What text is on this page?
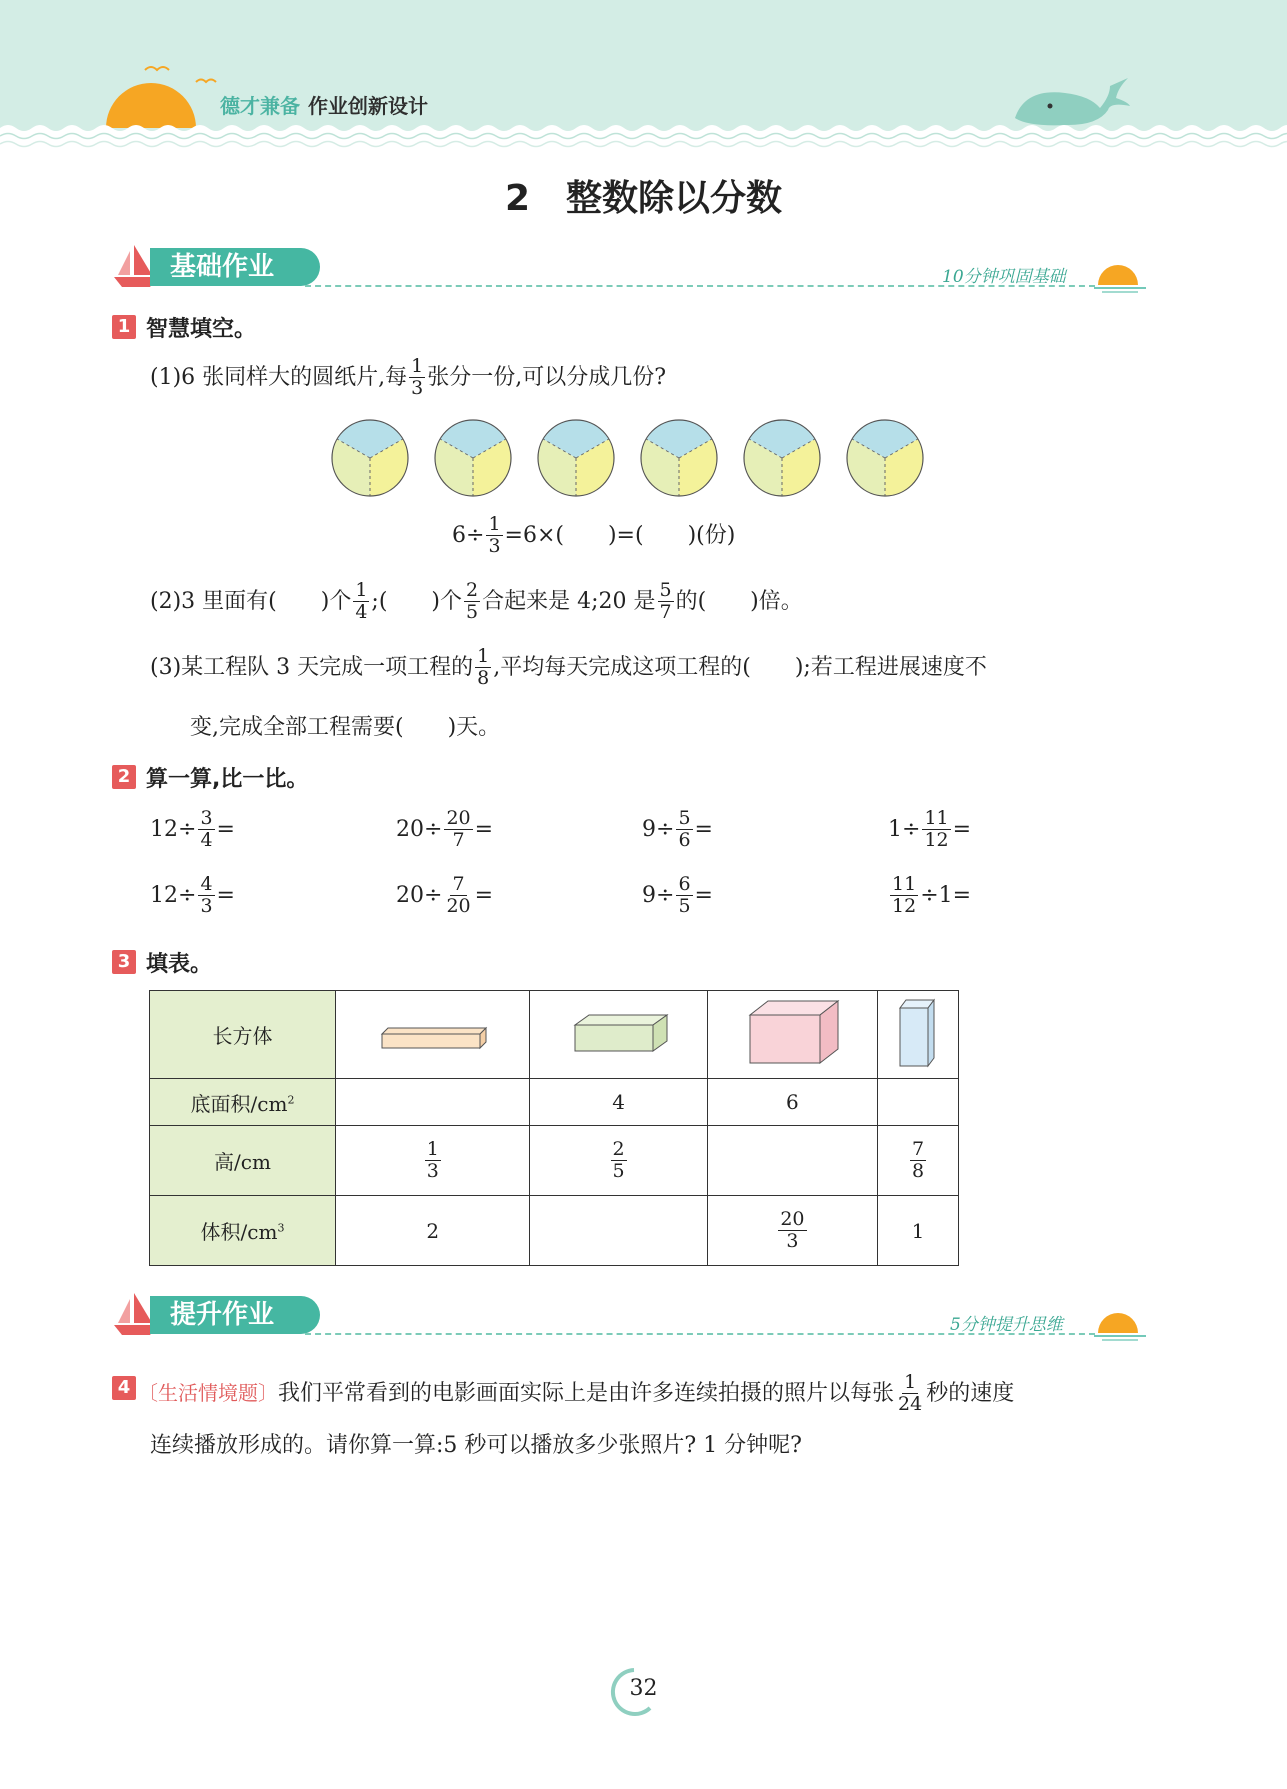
德才兼备 作业创新设计
2　整数除以分数
基础作业	10分钟巩固基础
1 智慧填空。
(1)6 张同样大的圆纸片,每 $\frac{1}{3}$ 张分一份,可以分成几份?
$6\div \frac{1}{3} =6\times$(　　)=(　　)(份)
(2)3 里面有(　　)个 $\frac{1}{4}$ ;(　　)个 $\frac{2}{5}$ 合起来是 4;20 是 $\frac{5}{7}$ 的(　　)倍。
(3)某工程队 3 天完成一项工程的 $\frac{1}{8}$ ,平均每天完成这项工程的(　　);若工程进展速度不
变,完成全部工程需要(　　)天。
2 算一算,比一比。
$12\div \frac{3}{4}$ =	$20\div \frac{20}{7}$ =	$9\div \frac{5}{6}$ =	$1\div \frac{11}{12}$ =
$12\div \frac{4}{3}$ =	$20\div \frac{7}{20}$ =	$9\div \frac{6}{5}$ =	$\frac{11}{12} \div 1=$
3 填表。
长方体				
底面积$/cm^2$		4	6	
高/cm	$\frac{1}{3}$	$\frac{2}{5}$		$\frac{7}{8}$

体积$/cm^3$	2		$\frac{20}{3}$	1
提升作业	5分钟提升思维
4 〔生活情境题〕我们平常看到的电影画面实际上是由许多连续拍摄的照片以每张 $\frac{1}{24}$ 秒的速度
连续播放形成的。请你算一算:5 秒可以播放多少张照片? 1 分钟呢?
32
